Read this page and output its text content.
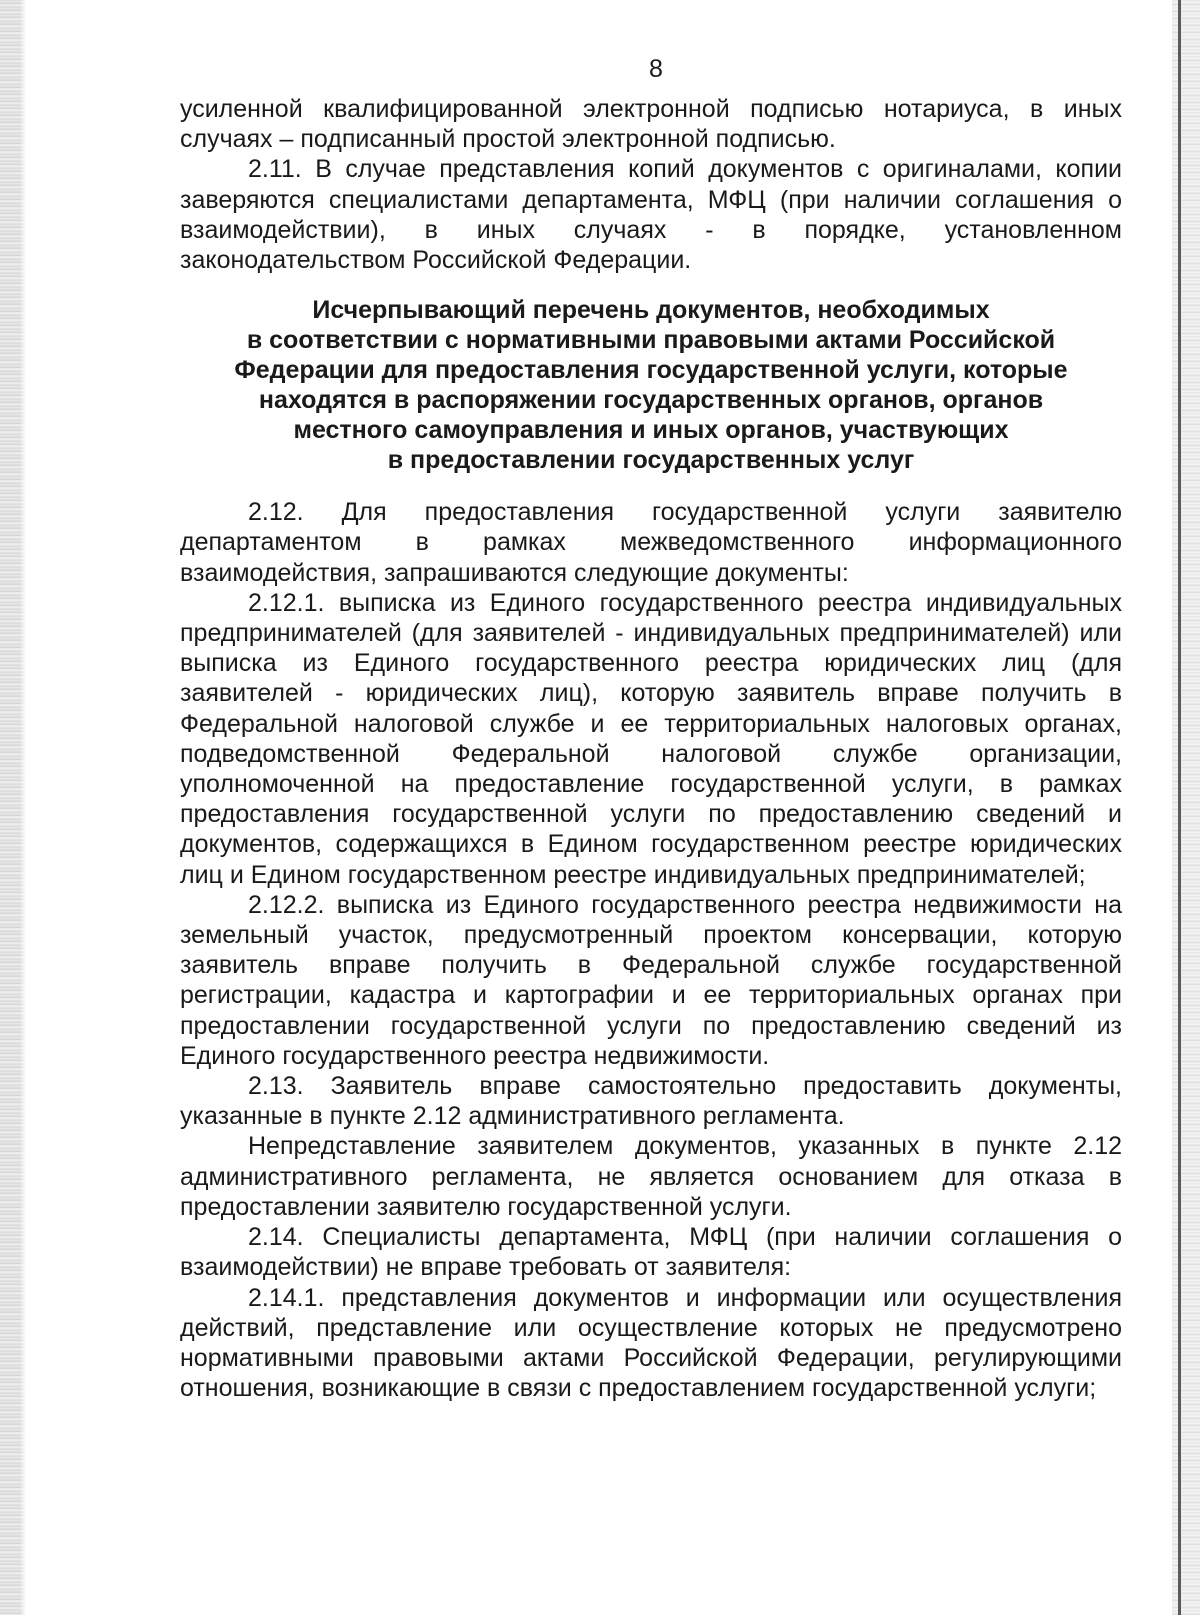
8

усиленной квалифицированной электронной подписью нотариуса, в иных случаях – подписанный простой электронной подписью.

2.11. В случае представления копий документов с оригиналами, копии заверяются специалистами департамента, МФЦ (при наличии соглашения о взаимодействии), в иных случаях - в порядке, установленном законодательством Российской Федерации.

Исчерпывающий перечень документов, необходимых
в соответствии с нормативными правовыми актами Российской
Федерации для предоставления государственной услуги, которые
находятся в распоряжении государственных органов, органов
местного самоуправления и иных органов, участвующих
в предоставлении государственных услуг

2.12. Для предоставления государственной услуги заявителю департаментом в рамках межведомственного информационного взаимодействия, запрашиваются следующие документы:

2.12.1. выписка из Единого государственного реестра индивидуальных предпринимателей (для заявителей - индивидуальных предпринимателей) или выписка из Единого государственного реестра юридических лиц (для заявителей - юридических лиц), которую заявитель вправе получить в Федеральной налоговой службе и ее территориальных налоговых органах, подведомственной Федеральной налоговой службе организации, уполномоченной на предоставление государственной услуги, в рамках предоставления государственной услуги по предоставлению сведений и документов, содержащихся в Едином государственном реестре юридических лиц и Едином государственном реестре индивидуальных предпринимателей;

2.12.2. выписка из Единого государственного реестра недвижимости на земельный участок, предусмотренный проектом консервации, которую заявитель вправе получить в Федеральной службе государственной регистрации, кадастра и картографии и ее территориальных органах при предоставлении государственной услуги по предоставлению сведений из Единого государственного реестра недвижимости.

2.13. Заявитель вправе самостоятельно предоставить документы, указанные в пункте 2.12 административного регламента.

Непредставление заявителем документов, указанных в пункте 2.12 административного регламента, не является основанием для отказа в предоставлении заявителю государственной услуги.

2.14. Специалисты департамента, МФЦ (при наличии соглашения о взаимодействии) не вправе требовать от заявителя:

2.14.1. представления документов и информации или осуществления действий, представление или осуществление которых не предусмотрено нормативными правовыми актами Российской Федерации, регулирующими отношения, возникающие в связи с предоставлением государственной услуги;
